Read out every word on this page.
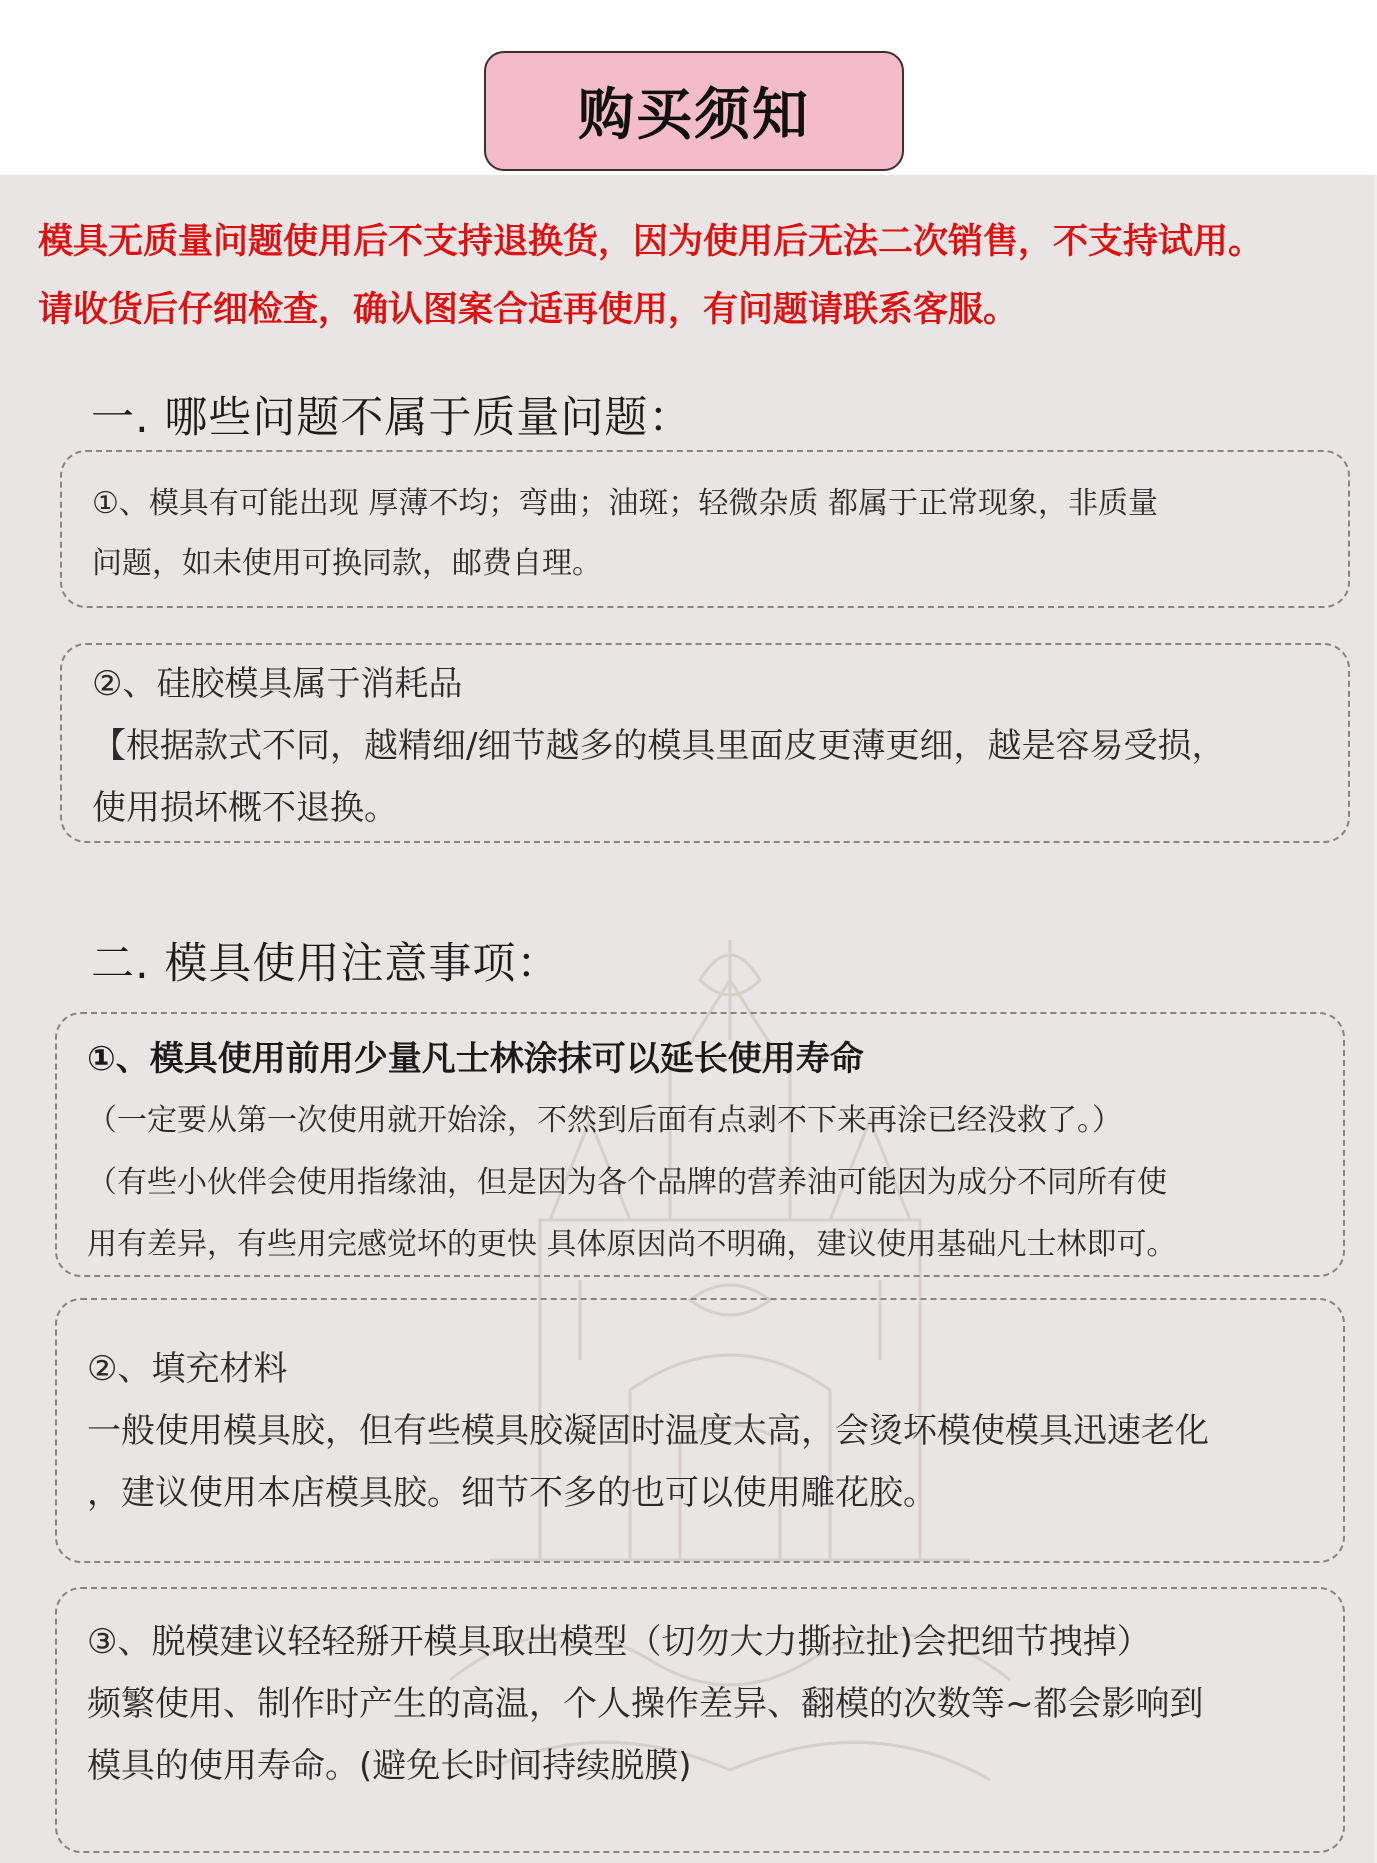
购买须知
模具无质量问题使用后不支持退换货，因为使用后无法二次销售，不支持试用。
请收货后仔细检查，确认图案合适再使用，有问题请联系客服。
一. 哪些问题不属于质量问题：
①、模具有可能出现 厚薄不均；弯曲；油斑；轻微杂质 都属于正常现象，非质量
问题，如未使用可换同款，邮费自理。
②、硅胶模具属于消耗品
【根据款式不同，越精细/细节越多的模具里面皮更薄更细，越是容易受损，
使用损坏概不退换。
二. 模具使用注意事项：
①、模具使用前用少量凡士林涂抹可以延长使用寿命
（一定要从第一次使用就开始涂，不然到后面有点剥不下来再涂已经没救了。）
（有些小伙伴会使用指缘油，但是因为各个品牌的营养油可能因为成分不同所有使
用有差异，有些用完感觉坏的更快 具体原因尚不明确，建议使用基础凡士林即可。
②、填充材料
一般使用模具胶，但有些模具胶凝固时温度太高，会烫坏模使模具迅速老化
，建议使用本店模具胶。细节不多的也可以使用雕花胶。
③、脱模建议轻轻掰开模具取出模型（切勿大力撕拉扯)会把细节拽掉）
频繁使用、制作时产生的高温，个人操作差异、翻模的次数等~都会影响到
模具的使用寿命。(避免长时间持续脱膜)
